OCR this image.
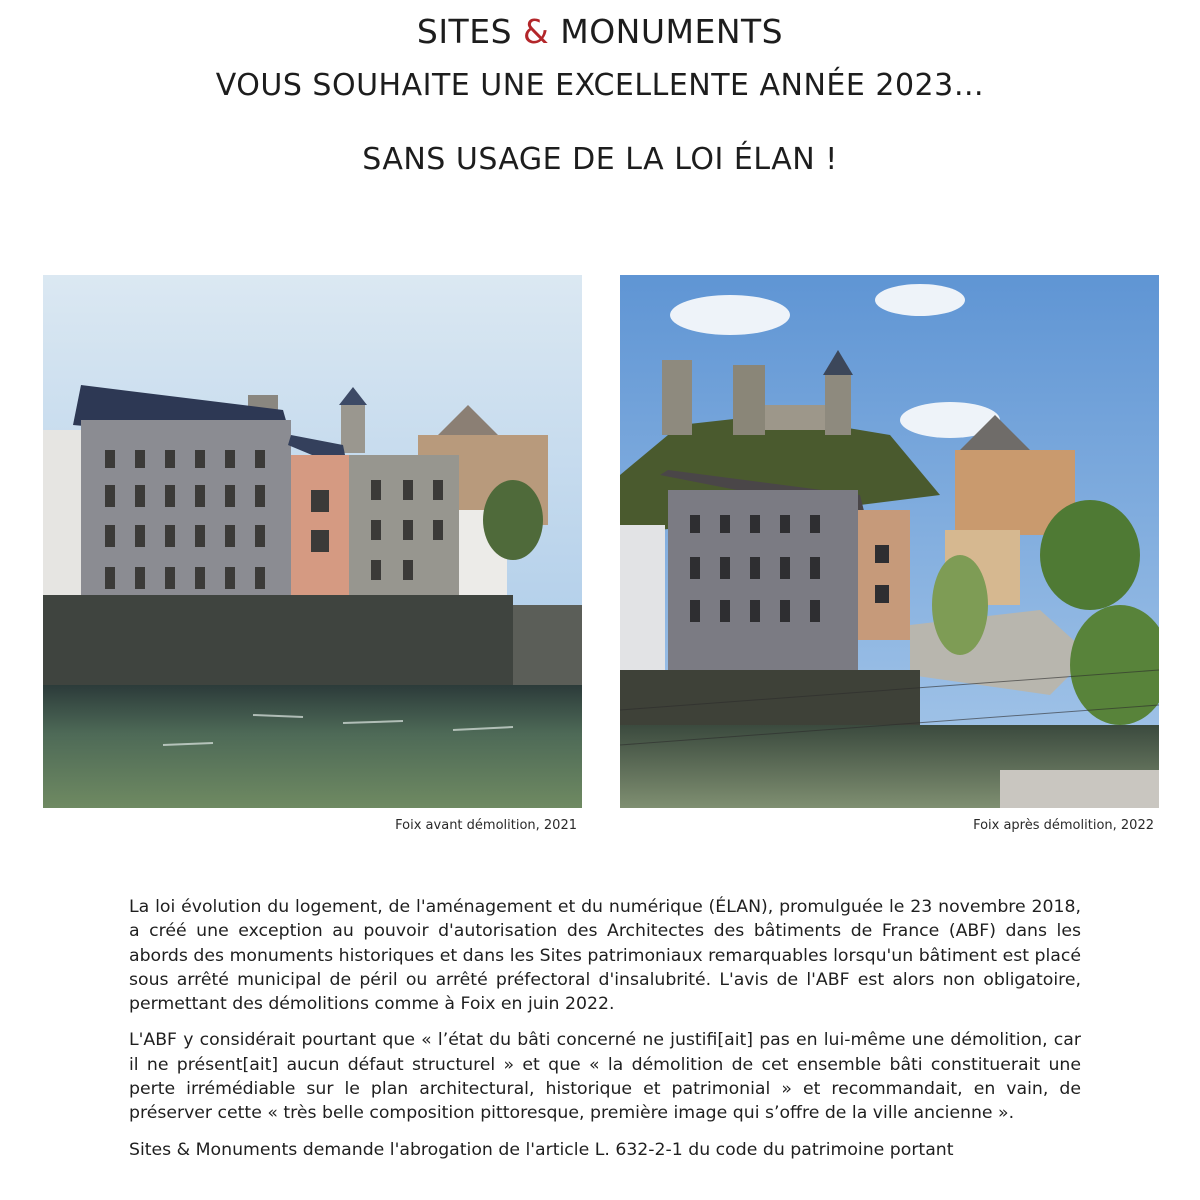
SITES & MONUMENTS
VOUS SOUHAITE UNE EXCELLENTE ANNÉE 2023…
SANS USAGE DE LA LOI ÉLAN !
Foix avant démolition, 2021	Foix après démolition, 2022

La loi évolution du logement, de l'aménagement et du numérique (ÉLAN), promulguée le 23 novembre 2018, a créé une exception au pouvoir d'autorisation des Architectes des bâtiments de France (ABF) dans les abords des monuments historiques et dans les Sites patrimoniaux remarquables lorsqu'un bâtiment est placé sous arrêté municipal de péril ou arrêté préfectoral d'insalubrité. L'avis de l'ABF est alors non obligatoire, permettant des démolitions comme à Foix en juin 2022.

L'ABF y considérait pourtant que « l’état du bâti concerné ne justifi[ait] pas en lui-même une démolition, car il ne présent[ait] aucun défaut structurel » et que « la démolition de cet ensemble bâti constituerait une perte irrémédiable sur le plan architectural, historique et patrimonial » et recommandait, en vain, de préserver cette « très belle composition pittoresque, première image qui s’offre de la ville ancienne ».

Sites & Monuments demande l'abrogation de l'article L. 632-2-1 du code du patrimoine portant
